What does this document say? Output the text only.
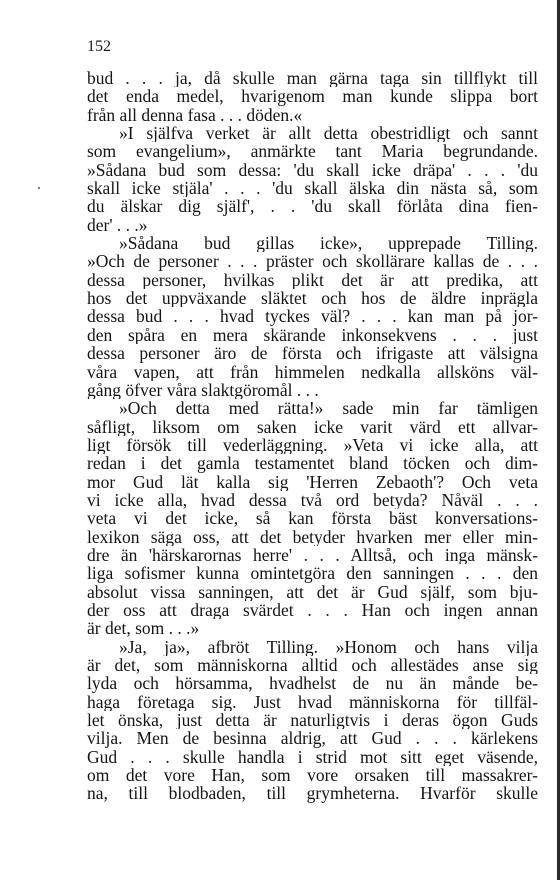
152
bud . . . ja, då skulle man gärna taga sin tillflykt till
det enda medel, hvarigenom man kunde slippa bort
från all denna fasa . . . döden.«
»I själfva verket är allt detta obestridligt och sannt
som evangelium», anmärkte tant Maria begrundande.
»Sådana bud som dessa: 'du skall icke dräpa' . . . 'du
skall icke stjäla' . . . 'du skall älska din nästa så, som
du älskar dig själf', . . 'du skall förlåta dina fien-
der' . . .»
»Sådana bud gillas icke», upprepade Tilling.
»Och de personer . . . präster och skollärare kallas de . . .
dessa personer, hvilkas plikt det är att predika, att
hos det uppväxande släktet och hos de äldre inprägla
dessa bud . . . hvad tyckes väl? . . . kan man på jor-
den spåra en mera skärande inkonsekvens . . . just
dessa personer äro de första och ifrigaste att välsigna
våra vapen, att från himmelen nedkalla allsköns väl-
gång öfver våra slaktgöromål . . .
»Och detta med rätta!» sade min far tämligen
såfligt, liksom om saken icke varit värd ett allvar-
ligt försök till vederläggning. »Veta vi icke alla, att
redan i det gamla testamentet bland töcken och dim-
mor Gud lät kalla sig 'Herren Zebaoth'? Och veta
vi icke alla, hvad dessa två ord betyda? Nåväl . . .
veta vi det icke, så kan första bäst konversations-
lexikon säga oss, att det betyder hvarken mer eller min-
dre än 'härskarornas herre' . . . Alltså, och inga mänsk-
liga sofismer kunna omintetgöra den sanningen . . . den
absolut vissa sanningen, att det är Gud själf, som bju-
der oss att draga svärdet . . . Han och ingen annan
är det, som . . .»
»Ja, ja», afbröt Tilling. »Honom och hans vilja
är det, som människorna alltid och allestädes anse sig
lyda och hörsamma, hvadhelst de nu än månde be-
haga företaga sig. Just hvad människorna för tillfäl-
let önska, just detta är naturligtvis i deras ögon Guds
vilja. Men de besinna aldrig, att Gud . . . kärlekens
Gud . . . skulle handla i strid mot sitt eget väsende,
om det vore Han, som vore orsaken till massakrer-
na, till blodbaden, till grymheterna. Hvarför skulle
